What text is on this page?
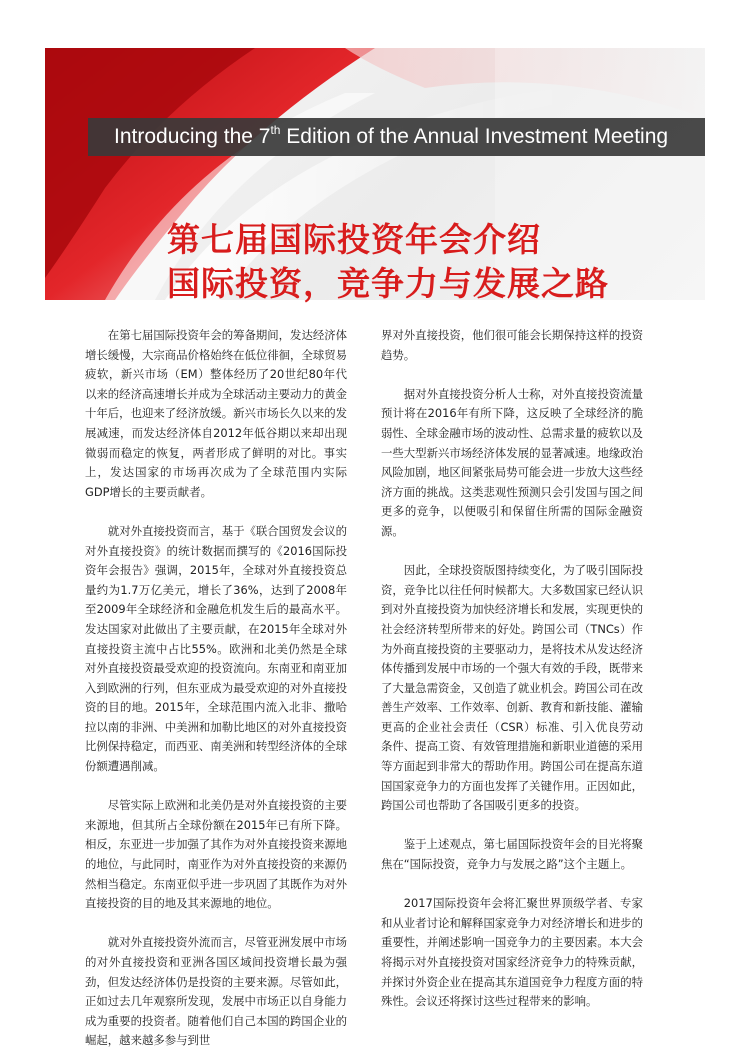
Introducing the 7th Edition of the Annual Investment Meeting
第七届国际投资年会介绍
国际投资，竞争力与发展之路

在第七届国际投资年会的筹备期间，发达经济体增长缓慢，大宗商品价格始终在低位徘徊，全球贸易疲软，新兴市场（EM）整体经历了20世纪80年代以来的经济高速增长并成为全球活动主要动力的黄金十年后，也迎来了经济放缓。新兴市场长久以来的发展减速，而发达经济体自2012年低谷期以来却出现微弱而稳定的恢复，两者形成了鲜明的对比。事实上，发达国家的市场再次成为了全球范围内实际GDP增长的主要贡献者。

就对外直接投资而言，基于《联合国贸发会议的对外直接投资》的统计数据而撰写的《2016国际投资年会报告》强调，2015年，全球对外直接投资总量约为1.7万亿美元，增长了36%，达到了2008年至2009年全球经济和金融危机发生后的最高水平。发达国家对此做出了主要贡献，在2015年全球对外直接投资主流中占比55%。欧洲和北美仍然是全球对外直接投资最受欢迎的投资流向。东南亚和南亚加入到欧洲的行列，但东亚成为最受欢迎的对外直接投资的目的地。2015年，全球范围内流入北非、撒哈拉以南的非洲、中美洲和加勒比地区的对外直接投资比例保持稳定，而西亚、南美洲和转型经济体的全球份额遭遇削减。

尽管实际上欧洲和北美仍是对外直接投资的主要来源地，但其所占全球份额在2015年已有所下降。相反，东亚进一步加强了其作为对外直接投资来源地的地位，与此同时，南亚作为对外直接投资的来源仍然相当稳定。东南亚似乎进一步巩固了其既作为对外直接投资的目的地及其来源地的地位。

就对外直接投资外流而言，尽管亚洲发展中市场的对外直接投资和亚洲各国区域间投资增长最为强劲，但发达经济体仍是投资的主要来源。尽管如此，正如过去几年观察所发现，发展中市场正以自身能力成为重要的投资者。随着他们自己本国的跨国企业的崛起，越来越多参与到世

界对外直接投资，他们很可能会长期保持这样的投资趋势。

据对外直接投资分析人士称，对外直接投资流量预计将在2016年有所下降，这反映了全球经济的脆弱性、全球金融市场的波动性、总需求量的疲软以及一些大型新兴市场经济体发展的显著减速。地缘政治风险加剧，地区间紧张局势可能会进一步放大这些经济方面的挑战。这类悲观性预测只会引发国与国之间更多的竞争，以便吸引和保留住所需的国际金融资源。

因此，全球投资版图持续变化，为了吸引国际投资，竞争比以往任何时候都大。大多数国家已经认识到对外直接投资为加快经济增长和发展，实现更快的社会经济转型所带来的好处。跨国公司（TNCs）作为外商直接投资的主要驱动力，是将技术从发达经济体传播到发展中市场的一个强大有效的手段，既带来了大量急需资金，又创造了就业机会。跨国公司在改善生产效率、工作效率、创新、教育和新技能、灌输更高的企业社会责任（CSR）标准、引入优良劳动条件、提高工资、有效管理措施和新职业道德的采用等方面起到非常大的帮助作用。跨国公司在提高东道国国家竞争力的方面也发挥了关键作用。正因如此，跨国公司也帮助了各国吸引更多的投资。

鉴于上述观点，第七届国际投资年会的目光将聚焦在“国际投资，竞争力与发展之路”这个主题上。

2017国际投资年会将汇聚世界顶级学者、专家和从业者讨论和解释国家竞争力对经济增长和进步的重要性，并阐述影响一国竞争力的主要因素。本大会将揭示对外直接投资对国家经济竞争力的特殊贡献，并探讨外资企业在提高其东道国竞争力程度方面的特殊性。会议还将探讨这些过程带来的影响。
